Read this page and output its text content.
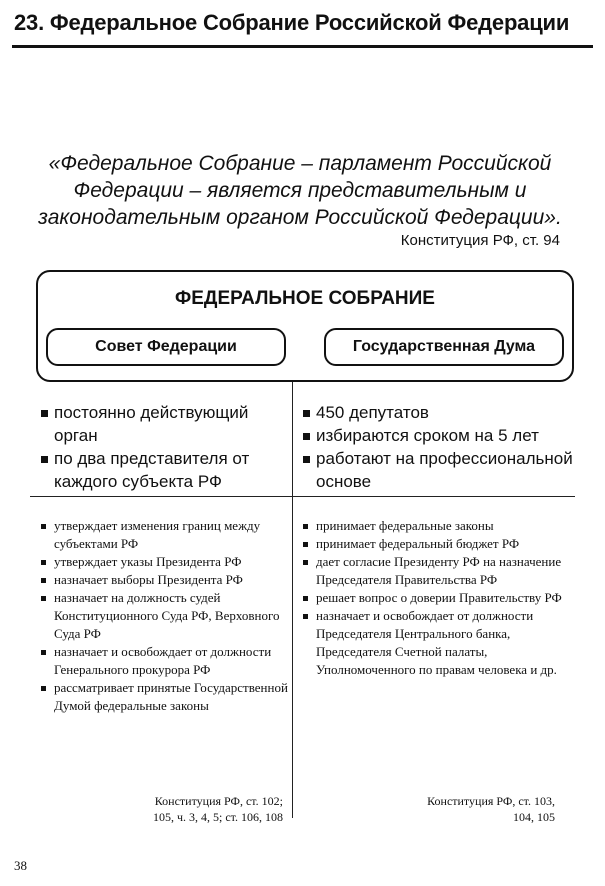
23. Федеральное Собрание Российской Федерации
«Федеральное Собрание – парламент Российской
Федерации – является представительным и
законодательным органом Российской Федерации».
Конституция РФ, ст. 94
ФЕДЕРАЛЬНОЕ СОБРАНИЕ
Совет Федерации	Государственная Дума
постоянно действующий орган
по два представителя от каждого субъекта РФ
450 депутатов
избираются сроком на 5 лет
работают на профессиональной основе
утверждает изменения границ между субъектами РФ
утверждает указы Президента РФ
назначает выборы Президента РФ
назначает на должность судей Конституционного Суда РФ, Верховного Суда РФ
назначает и освобождает от должности Генерального прокурора РФ
рассматривает принятые Государственной Думой федеральные законы
принимает федеральные законы
принимает федеральный бюджет РФ
дает согласие Президенту РФ на назначение Председателя Правительства РФ
решает вопрос о доверии Правительству РФ
назначает и освобождает от должности Председателя Центрального банка, Председателя Счетной палаты, Уполномоченного по правам человека и др.
Конституция РФ, ст. 102;
105, ч. 3, 4, 5; ст. 106, 108
Конституция РФ, ст. 103,
104, 105
38
